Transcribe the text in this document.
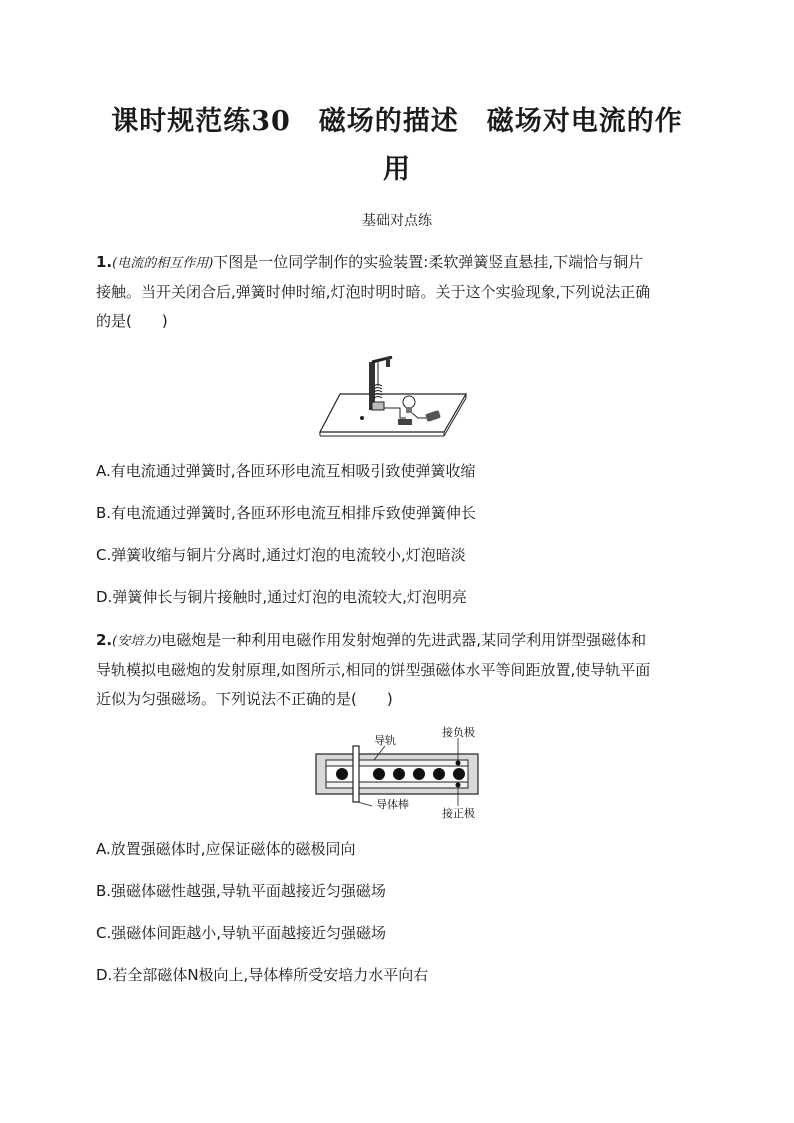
课时规范练30　磁场的描述　磁场对电流的作
用
基础对点练
1.(电流的相互作用)下图是一位同学制作的实验装置:柔软弹簧竖直悬挂,下端恰与铜片
接触。当开关闭合后,弹簧时伸时缩,灯泡时明时暗。关于这个实验现象,下列说法正确
的是(　　)
A.有电流通过弹簧时,各匝环形电流互相吸引致使弹簧收缩
B.有电流通过弹簧时,各匝环形电流互相排斥致使弹簧伸长
C.弹簧收缩与铜片分离时,通过灯泡的电流较小,灯泡暗淡
D.弹簧伸长与铜片接触时,通过灯泡的电流较大,灯泡明亮
2.(安培力)电磁炮是一种利用电磁作用发射炮弹的先进武器,某同学利用饼型强磁体和
导轨模拟电磁炮的发射原理,如图所示,相同的饼型强磁体水平等间距放置,使导轨平面
近似为匀强磁场。下列说法不正确的是(　　)
导轨
接负极
导体棒
接正极
A.放置强磁体时,应保证磁体的磁极同向
B.强磁体磁性越强,导轨平面越接近匀强磁场
C.强磁体间距越小,导轨平面越接近匀强磁场
D.若全部磁体N极向上,导体棒所受安培力水平向右
